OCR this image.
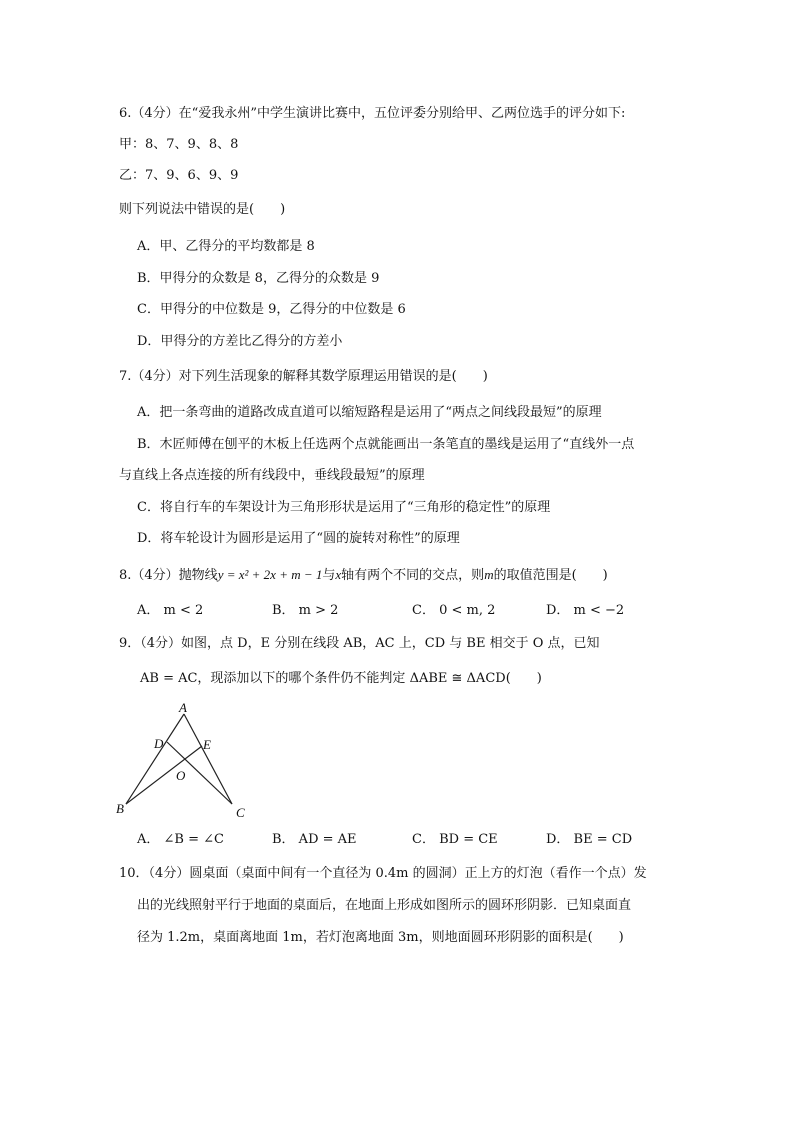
6.（4分）在“爱我永州”中学生演讲比赛中，五位评委分别给甲、乙两位选手的评分如下:
甲：8、7、9、8、8
乙：7、9、6、9、9
则下列说法中错误的是(　　)
A．甲、乙得分的平均数都是 8
B．甲得分的众数是 8，乙得分的众数是 9
C．甲得分的中位数是 9，乙得分的中位数是 6
D．甲得分的方差比乙得分的方差小
7.（4分）对下列生活现象的解释其数学原理运用错误的是(　　)
A．把一条弯曲的道路改成直道可以缩短路程是运用了“两点之间线段最短”的原理
B．木匠师傅在刨平的木板上任选两个点就能画出一条笔直的墨线是运用了“直线外一点
与直线上各点连接的所有线段中，垂线段最短”的原理
C．将自行车的车架设计为三角形形状是运用了“三角形的稳定性”的原理
D．将车轮设计为圆形是运用了“圆的旋转对称性”的原理
8.（4分）抛物线y = x² + 2x + m − 1与x轴有两个不同的交点，则m的取值范围是(　　)
A． m < 2	B． m > 2	C． 0 < m, 2	D． m < −2
9．（4分）如图，点 D，E 分别在线段 AB，AC 上，CD 与 BE 相交于 O 点，已知
AB = AC，现添加以下的哪个条件仍不能判定 ΔABE ≅ ΔACD(　　)
A
B	C
D	E
O
A． ∠B = ∠C	B． AD = AE	C． BD = CE	D． BE = CD
10．（4分）圆桌面（桌面中间有一个直径为 0.4m 的圆洞）正上方的灯泡（看作一个点）发
出的光线照射平行于地面的桌面后，在地面上形成如图所示的圆环形阴影．已知桌面直
径为 1.2m，桌面离地面 1m，若灯泡离地面 3m，则地面圆环形阴影的面积是(　　)
